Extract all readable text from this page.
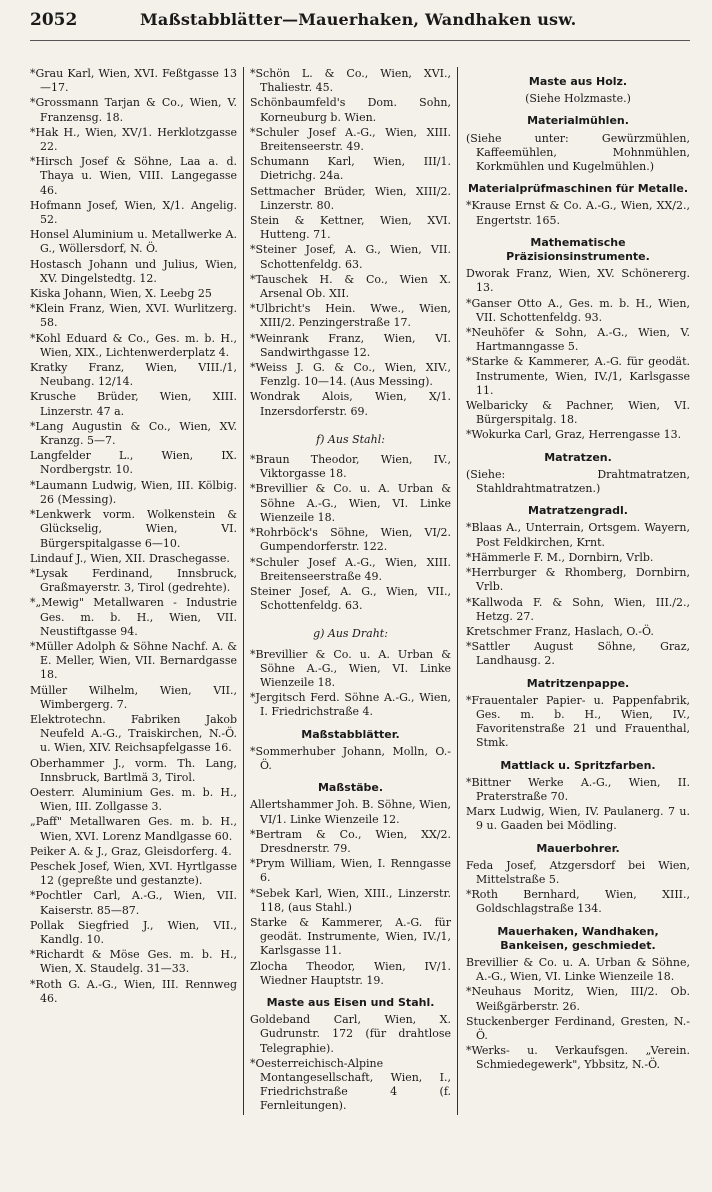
2052	Maßstabblätter—Mauerhaken, Wandhaken usw.

*Grau Karl, Wien, XVI. Feßtgasse 13—17.

*Grossmann Tarjan & Co., Wien, V. Franzensg. 18.

*Hak H., Wien, XV/1. Herklotzgasse 22.

*Hirsch Josef & Söhne, Laa a. d. Thaya u. Wien, VIII. Langegasse 46.

Hofmann Josef, Wien, X/1. Angelig. 52.

Honsel Aluminium u. Metallwerke A. G., Wöllersdorf, N. Ö.

Hostasch Johann und Julius, Wien, XV. Dingelstedtg. 12.

Kiska Johann, Wien, X. Leebg 25

*Klein Franz, Wien, XVI. Wurlitzerg. 58.

*Kohl Eduard & Co., Ges. m. b. H., Wien, XIX., Lichtenwerderplatz 4.

Kratky Franz, Wien, VIII./1, Neubang. 12/14.

Krusche Brüder, Wien, XIII. Linzerstr. 47 a.

*Lang Augustin & Co., Wien, XV. Kranzg. 5—7.

Langfelder L., Wien, IX. Nordbergstr. 10.

*Laumann Ludwig, Wien, III. Kölbig. 26 (Messing).

*Lenkwerk vorm. Wolkenstein & Glückselig, Wien, VI. Bürgerspitalgasse 6—10.

Lindauf J., Wien, XII. Draschegasse.

*Lysak Ferdinand, Innsbruck, Graßmayerstr. 3, Tirol (gedrehte).

*„Mewig" Metallwaren - Industrie Ges. m. b. H., Wien, VII. Neustiftgasse 94.

*Müller Adolph & Söhne Nachf. A. & E. Meller, Wien, VII. Bernardgasse 18.

Müller Wilhelm, Wien, VII., Wimbergerg. 7.

Elektrotechn. Fabriken Jakob Neufeld A.-G., Traiskirchen, N.-Ö. u. Wien, XIV. Reichsapfelgasse 16.

Oberhammer J., vorm. Th. Lang, Innsbruck, Bartlmä 3, Tirol.

Oesterr. Aluminium Ges. m. b. H., Wien, III. Zollgasse 3.

„Paff" Metallwaren Ges. m. b. H., Wien, XVI. Lorenz Mandlgasse 60.

Peiker A. & J., Graz, Gleisdorferg. 4.

Peschek Josef, Wien, XVI. Hyrtlgasse 12 (gepreßte und gestanzte).

*Pochtler Carl, A.-G., Wien, VII. Kaiserstr. 85—87.

Pollak Siegfried J., Wien, VII., Kandlg. 10.

*Richardt & Möse Ges. m. b. H., Wien, X. Staudelg. 31—33.

*Roth G. A.-G., Wien, III. Rennweg 46.

*Schön L. & Co., Wien, XVI., Thaliestr. 45.

Schönbaumfeld's Dom. Sohn, Korneuburg b. Wien.

*Schuler Josef A.-G., Wien, XIII. Breitenseerstr. 49.

Schumann Karl, Wien, III/1. Dietrichg. 24a.

Settmacher Brüder, Wien, XIII/2. Linzerstr. 80.

Stein & Kettner, Wien, XVI. Hutteng. 71.

*Steiner Josef, A. G., Wien, VII. Schottenfeldg. 63.

*Tauschek H. & Co., Wien X. Arsenal Ob. XII.

*Ulbricht's Hein. Wwe., Wien, XIII/2. Penzingerstraße 17.

*Weinrank Franz, Wien, VI. Sandwirthgasse 12.

*Weiss J. G. & Co., Wien, XIV., Fenzlg. 10—14. (Aus Messing).

Wondrak Alois, Wien, X/1. Inzersdorferstr. 69.

f) Aus Stahl:

*Braun Theodor, Wien, IV., Viktorgasse 18.

*Brevillier & Co. u. A. Urban & Söhne A.-G., Wien, VI. Linke Wienzeile 18.

*Rohrböck's Söhne, Wien, VI/2. Gumpendorferstr. 122.

*Schuler Josef A.-G., Wien, XIII. Breitenseerstraße 49.

Steiner Josef, A. G., Wien, VII., Schottenfeldg. 63.

g) Aus Draht:

*Brevillier & Co. u. A. Urban & Söhne A.-G., Wien, VI. Linke Wienzeile 18.

*Jergitsch Ferd. Söhne A.-G., Wien, I. Friedrichstraße 4.

Maßstabblätter.

*Sommerhuber Johann, Molln, O.-Ö.

Maßstäbe.

Allertshammer Joh. B. Söhne, Wien, VI/1. Linke Wienzeile 12.

*Bertram & Co., Wien, XX/2. Dresdnerstr. 79.

*Prym William, Wien, I. Renngasse 6.

*Sebek Karl, Wien, XIII., Linzerstr. 118, (aus Stahl.)

Starke & Kammerer, A.-G. für geodät. Instrumente, Wien, IV./1, Karlsgasse 11.

Zlocha Theodor, Wien, IV/1. Wiedner Hauptstr. 19.

Maste aus Eisen und Stahl.

Goldeband Carl, Wien, X. Gudrunstr. 172 (für drahtlose Telegraphie).

*Oesterreichisch-Alpine Montangesellschaft, Wien, I., Friedrichstraße 4 (f. Fernleitungen).

Maste aus Holz.

(Siehe Holzmaste.)

Materialmühlen.

(Siehe unter: Gewürzmühlen, Kaffeemühlen, Mohnmühlen, Korkmühlen und Kugelmühlen.)

Materialprüfmaschinen für Metalle.

*Krause Ernst & Co. A.-G., Wien, XX/2., Engertstr. 165.

Mathematische Präzisionsinstrumente.

Dworak Franz, Wien, XV. Schönererg. 13.

*Ganser Otto A., Ges. m. b. H., Wien, VII. Schottenfeldg. 93.

*Neuhöfer & Sohn, A.-G., Wien, V. Hartmanngasse 5.

*Starke & Kammerer, A.-G. für geodät. Instrumente, Wien, IV./1, Karlsgasse 11.

Welbaricky & Pachner, Wien, VI. Bürgerspitalg. 18.

*Wokurka Carl, Graz, Herrengasse 13.

Matratzen.

(Siehe: Drahtmatratzen, Stahldrahtmatratzen.)

Matratzengradl.

*Blaas A., Unterrain, Ortsgem. Wayern, Post Feldkirchen, Krnt.

*Hämmerle F. M., Dornbirn, Vrlb.

*Herrburger & Rhomberg, Dornbirn, Vrlb.

*Kallwoda F. & Sohn, Wien, III./2., Hetzg. 27.

Kretschmer Franz, Haslach, O.-Ö.

*Sattler August Söhne, Graz, Landhausg. 2.

Matritzenpappe.

*Frauentaler Papier- u. Pappenfabrik, Ges. m. b. H., Wien, IV., Favoritenstraße 21 und Frauenthal, Stmk.

Mattlack u. Spritzfarben.

*Bittner Werke A.-G., Wien, II. Praterstraße 70.

Marx Ludwig, Wien, IV. Paulanerg. 7 u. 9 u. Gaaden bei Mödling.

Mauerbohrer.

Feda Josef, Atzgersdorf bei Wien, Mittelstraße 5.

*Roth Bernhard, Wien, XIII., Goldschlagstraße 134.

Mauerhaken, Wandhaken, Bankeisen, geschmiedet.

Brevillier & Co. u. A. Urban & Söhne, A.-G., Wien, VI. Linke Wienzeile 18.

*Neuhaus Moritz, Wien, III/2. Ob. Weißgärberstr. 26.

Stuckenberger Ferdinand, Gresten, N.-Ö.

*Werks- u. Verkaufsgen. „Verein. Schmiedegewerk", Ybbsitz, N.-Ö.
